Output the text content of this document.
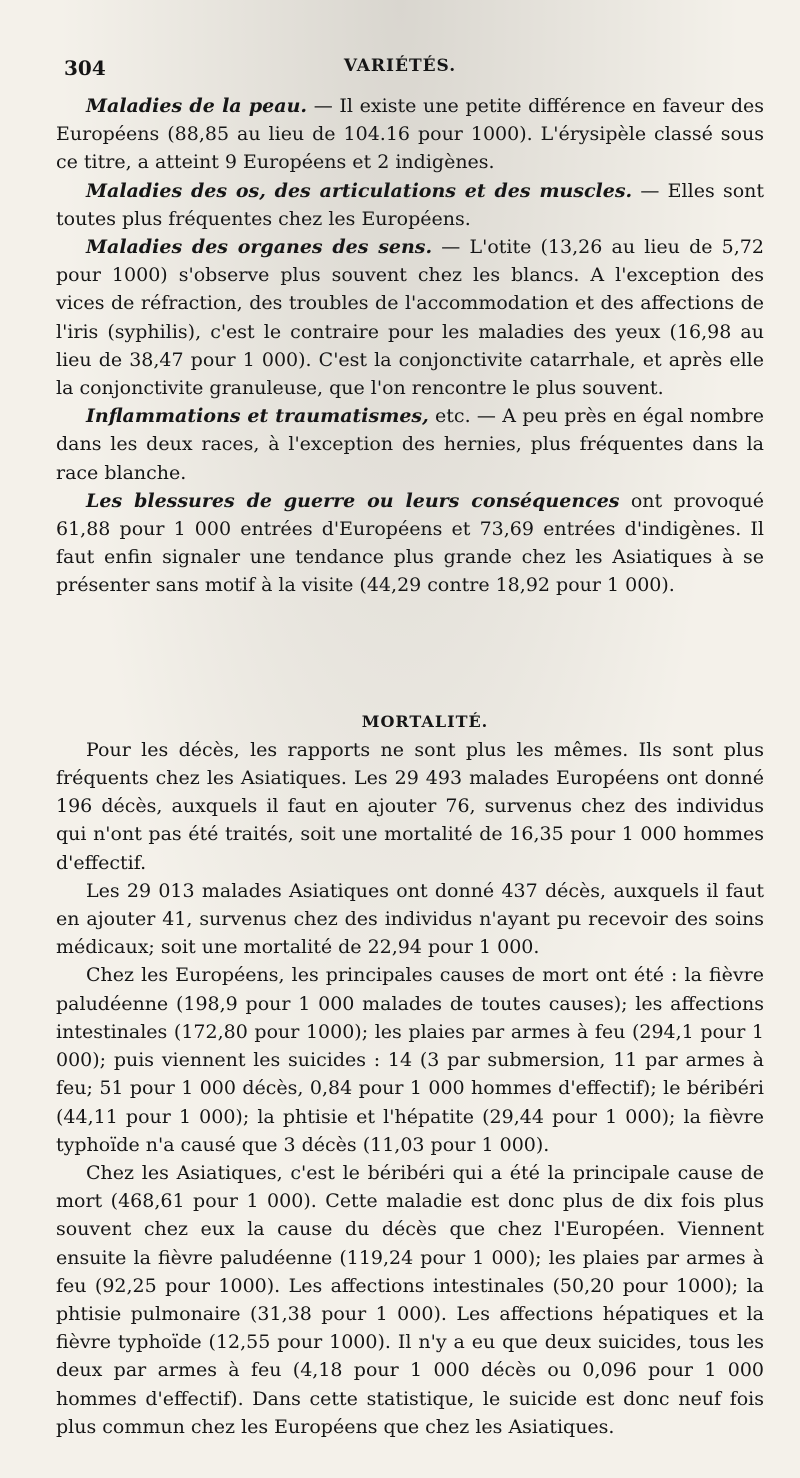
304	VARIÉTÉS.

Maladies de la peau. — Il existe une petite différence en faveur des Européens (88,85 au lieu de 104.16 pour 1000). L'érysipèle classé sous ce titre, a atteint 9 Européens et 2 indigènes.

Maladies des os, des articulations et des muscles. — Elles sont toutes plus fréquentes chez les Européens.

Maladies des organes des sens. — L'otite (13,26 au lieu de 5,72 pour 1000) s'observe plus souvent chez les blancs. A l'exception des vices de réfraction, des troubles de l'accommodation et des affections de l'iris (syphilis), c'est le contraire pour les maladies des yeux (16,98 au lieu de 38,47 pour 1 000). C'est la conjonctivite catarrhale, et après elle la conjonctivite granuleuse, que l'on rencontre le plus souvent.

Inflammations et traumatismes, etc. — A peu près en égal nombre dans les deux races, à l'exception des hernies, plus fréquentes dans la race blanche.

Les blessures de guerre ou leurs conséquences ont provoqué 61,88 pour 1 000 entrées d'Européens et 73,69 entrées d'indigènes. Il faut enfin signaler une tendance plus grande chez les Asiatiques à se présenter sans motif à la visite (44,29 contre 18,92 pour 1 000).

MORTALITÉ.

Pour les décès, les rapports ne sont plus les mêmes. Ils sont plus fréquents chez les Asiatiques. Les 29 493 malades Européens ont donné 196 décès, auxquels il faut en ajouter 76, survenus chez des individus qui n'ont pas été traités, soit une mortalité de 16,35 pour 1 000 hommes d'effectif.

Les 29 013 malades Asiatiques ont donné 437 décès, auxquels il faut en ajouter 41, survenus chez des individus n'ayant pu recevoir des soins médicaux; soit une mortalité de 22,94 pour 1 000.

Chez les Européens, les principales causes de mort ont été : la fièvre paludéenne (198,9 pour 1 000 malades de toutes causes); les affections intestinales (172,80 pour 1000); les plaies par armes à feu (294,1 pour 1 000); puis viennent les suicides : 14 (3 par submersion, 11 par armes à feu; 51 pour 1 000 décès, 0,84 pour 1 000 hommes d'effectif); le béribéri (44,11 pour 1 000); la phtisie et l'hépatite (29,44 pour 1 000); la fièvre typhoïde n'a causé que 3 décès (11,03 pour 1 000).

Chez les Asiatiques, c'est le béribéri qui a été la principale cause de mort (468,61 pour 1 000). Cette maladie est donc plus de dix fois plus souvent chez eux la cause du décès que chez l'Européen. Viennent ensuite la fièvre paludéenne (119,24 pour 1 000); les plaies par armes à feu (92,25 pour 1000). Les affections intestinales (50,20 pour 1000); la phtisie pulmonaire (31,38 pour 1 000). Les affections hépatiques et la fièvre typhoïde (12,55 pour 1000). Il n'y a eu que deux suicides, tous les deux par armes à feu (4,18 pour 1 000 décès ou 0,096 pour 1 000 hommes d'effectif). Dans cette statistique, le suicide est donc neuf fois plus commun chez les Européens que chez les Asiatiques.
